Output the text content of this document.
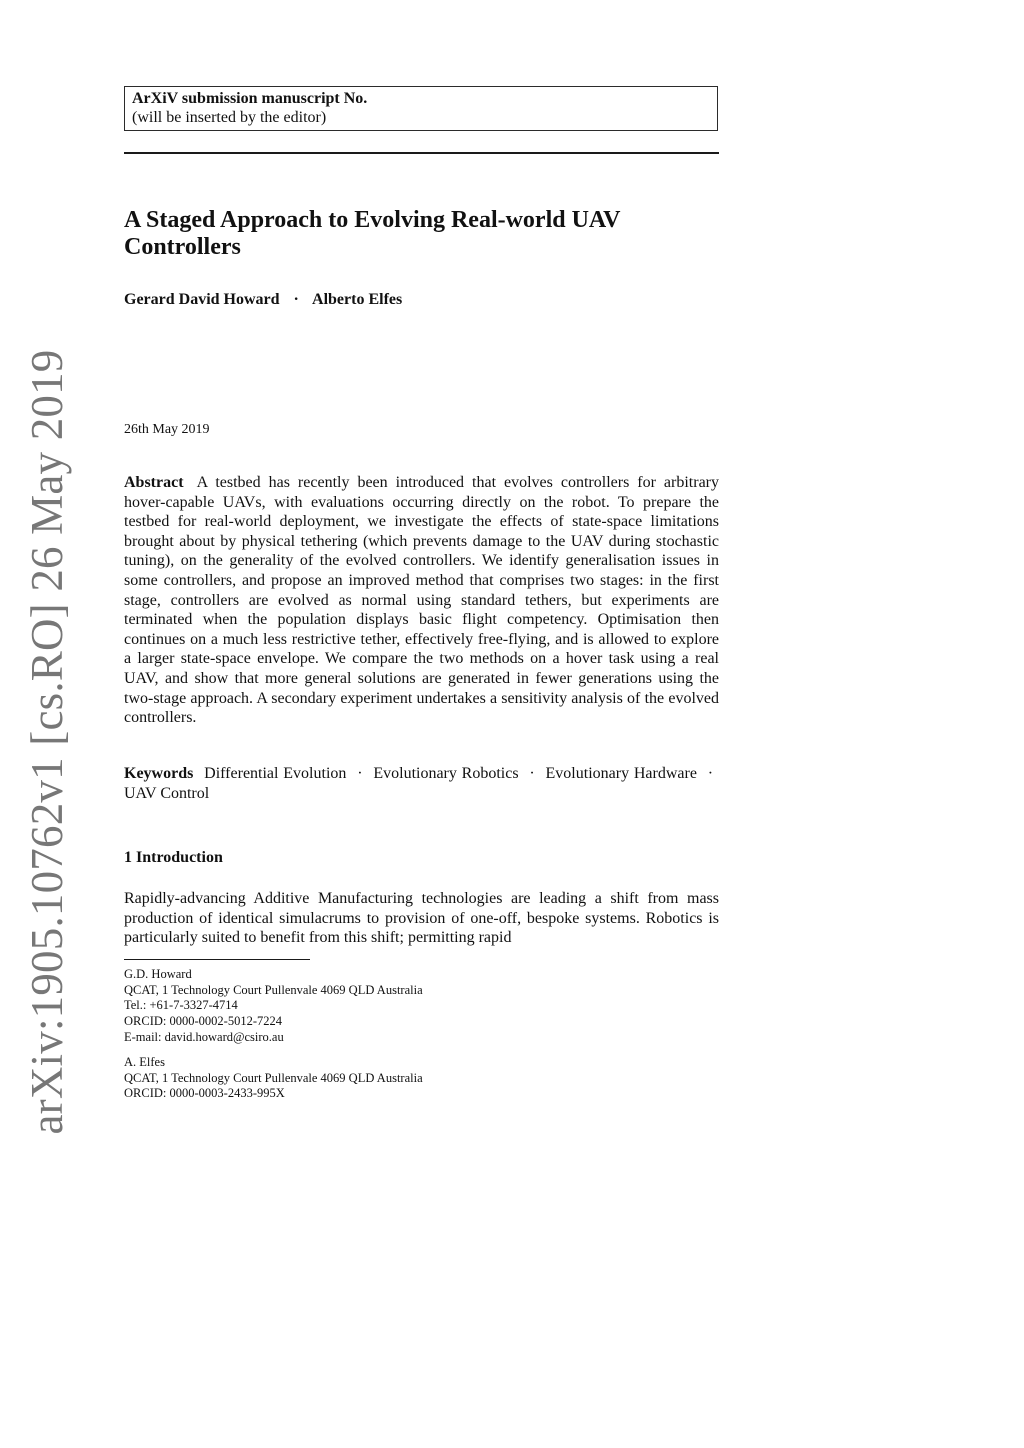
arXiv:1905.10762v1 [cs.RO] 26 May 2019
ArXiV submission manuscript No.
(will be inserted by the editor)
A Staged Approach to Evolving Real-world UAV
Controllers
Gerard David Howard · Alberto Elfes
26th May 2019

Abstract A testbed has recently been introduced that evolves controllers for arbitrary hover-capable UAVs, with evaluations occurring directly on the robot. To prepare the testbed for real-world deployment, we investigate the effects of state-space limitations brought about by physical tethering (which prevents damage to the UAV during stochastic tuning), on the generality of the evolved controllers. We identify generalisation issues in some controllers, and propose an improved method that comprises two stages: in the first stage, controllers are evolved as normal using standard tethers, but experiments are terminated when the population displays basic flight competency. Optimisation then continues on a much less restrictive tether, effectively free-flying, and is allowed to explore a larger state-space envelope. We compare the two methods on a hover task using a real UAV, and show that more general solutions are generated in fewer generations using the two-stage approach. A secondary experiment undertakes a sensitivity analysis of the evolved controllers.

Keywords Differential Evolution · Evolutionary Robotics · Evolutionary Hardware · UAV Control

1 Introduction

Rapidly-advancing Additive Manufacturing technologies are leading a shift from mass production of identical simulacrums to provision of one-off, bespoke systems. Robotics is particularly suited to benefit from this shift; permitting rapid

G.D. Howard
QCAT, 1 Technology Court Pullenvale 4069 QLD Australia
Tel.: +61-7-3327-4714
ORCID: 0000-0002-5012-7224
E-mail: david.howard@csiro.au
A. Elfes
QCAT, 1 Technology Court Pullenvale 4069 QLD Australia
ORCID: 0000-0003-2433-995X
